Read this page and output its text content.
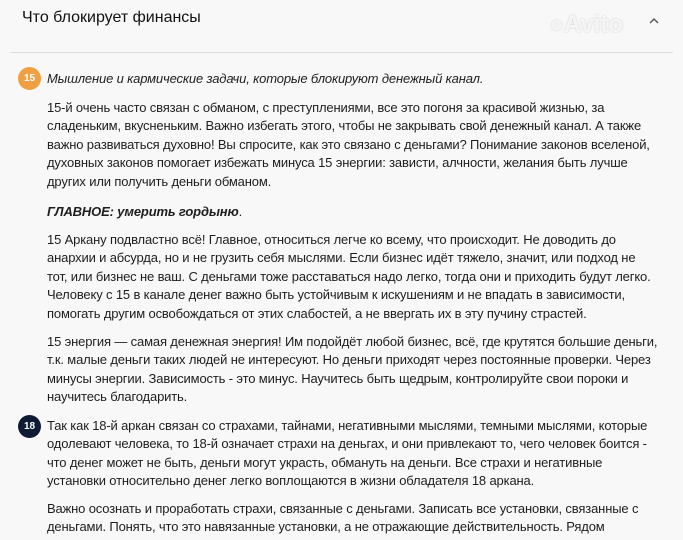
Что блокирует финансы
15 Мышление и кармические задачи, которые блокируют денежный канал.
15-й очень часто связан с обманом, с преступлениями, все это погоня за красивой жизнью, за
сладеньким, вкусненьким. Важно избегать этого, чтобы не закрывать свой денежный канал. А также
важно развиваться духовно! Вы спросите, как это связано с деньгами? Понимание законов вселеной,
духовных законов помогает избежать минуса 15 энергии: зависти, алчности, желания быть лучше
других или получить деньги обманом.
ГЛАВНОЕ: умерить гордыню.
15 Аркану подвластно всё! Главное, относиться легче ко всему, что происходит. Не доводить до
анархии и абсурда, но и не грузить себя мыслями. Если бизнес идёт тяжело, значит, или подход не
тот, или бизнес не ваш. С деньгами тоже расставаться надо легко, тогда они и приходить будут легко.
Человеку с 15 в канале денег важно быть устойчивым к искушениям и не впадать в зависимости,
помогать другим освобождаться от этих слабостей, а не ввергать их в эту пучину страстей.
15 энергия — самая денежная энергия! Им подойдёт любой бизнес, всё, где крутятся большие деньги,
т.к. малые деньги таких людей не интересуют. Но деньги приходят через постоянные проверки. Через
минусы энергии. Зависимость - это минус. Научитесь быть щедрым, контролируйте свои пороки и
научитесь благодарить.
18 Так как 18-й аркан связан со страхами, тайнами, негативными мыслями, темными мыслями, которые
одолевают человека, то 18-й означает страхи на деньгах, и они привлекают то, чего человек боится -
что денег может не быть, деньги могут украсть, обмануть на деньги. Все страхи и негативные
установки относительно денег легко воплощаются в жизни обладателя 18 аркана.
Важно осознать и проработать страхи, связанные с деньгами. Записать все установки, связанные с
деньгами. Понять, что это навязанные установки, а не отражающие действительность. Рядом
●Avito
